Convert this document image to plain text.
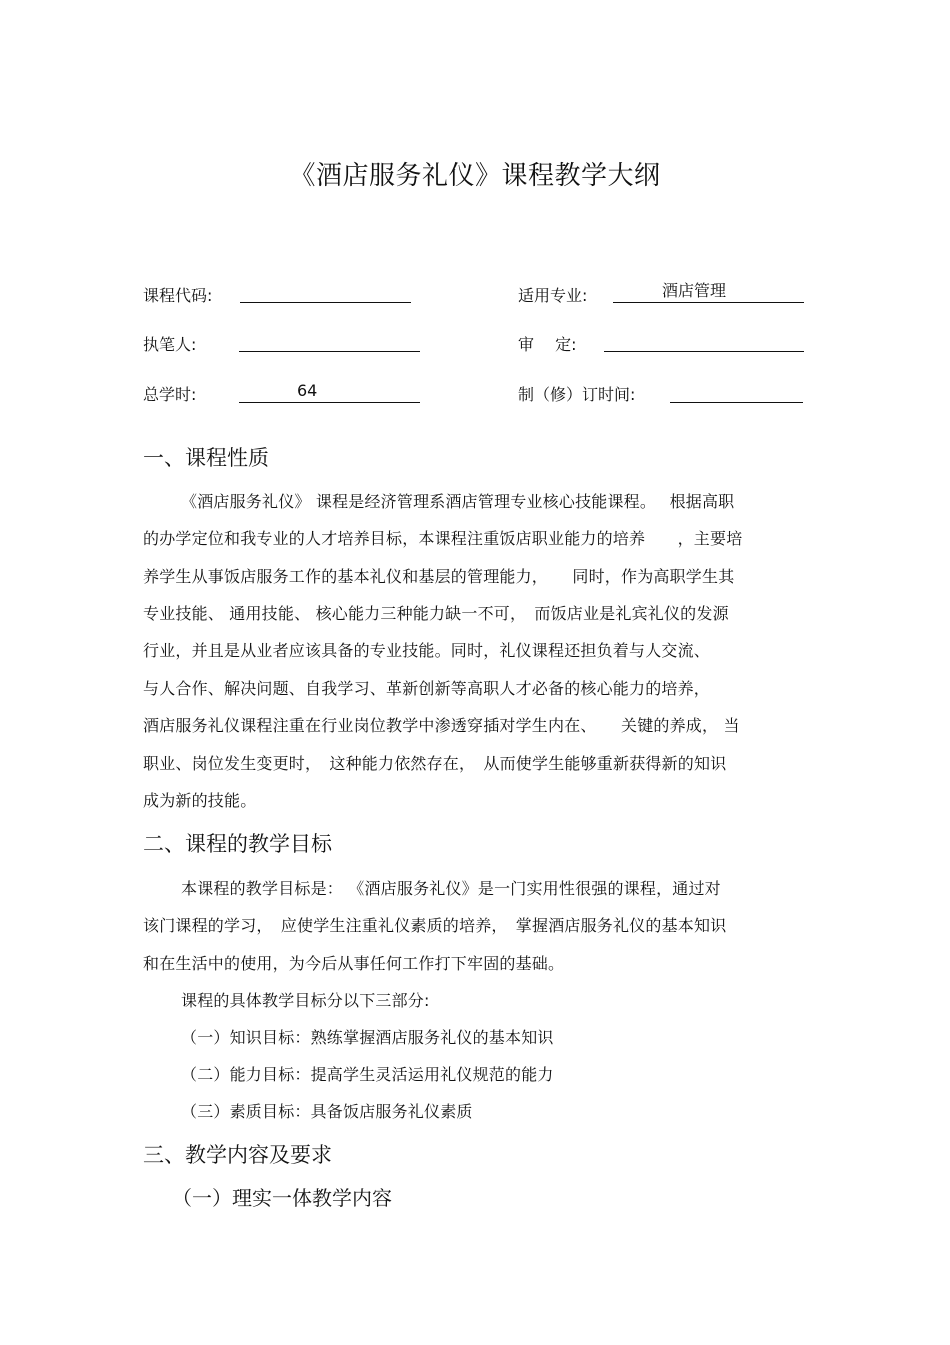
《酒店服务礼仪》课程教学大纲
课程代码:	适用专业:	酒店管理
执笔人:	审　 定:
总学时:	64	制（修）订时间:
一、课程性质
《酒店服务礼仪》 课程是经济管理系酒店管理专业核心技能课程。　 根据高职
的办学定位和我专业的人才培养目标，本课程注重饭店职业能力的培养　　，主要培
养学生从事饭店服务工作的基本礼仪和基层的管理能力，　　同时，作为高职学生其
专业技能、 通用技能、 核心能力三种能力缺一不可，　而饭店业是礼宾礼仪的发源
行业，并且是从业者应该具备的专业技能。同时，礼仪课程还担负着与人交流、
与人合作、解决问题、自我学习、革新创新等高职人才必备的核心能力的培养，
酒店服务礼仪课程注重在行业岗位教学中渗透穿插对学生内在、　　关键的养成， 当
职业、岗位发生变更时，　这种能力依然存在，　从而使学生能够重新获得新的知识
成为新的技能。
二、课程的教学目标
本课程的教学目标是： 《酒店服务礼仪》是一门实用性很强的课程，通过对
该门课程的学习，　应使学生注重礼仪素质的培养，　掌握酒店服务礼仪的基本知识
和在生活中的使用，为今后从事任何工作打下牢固的基础。
课程的具体教学目标分以下三部分:
（一）知识目标：熟练掌握酒店服务礼仪的基本知识
（二）能力目标：提高学生灵活运用礼仪规范的能力
（三）素质目标：具备饭店服务礼仪素质
三、教学内容及要求
（一）理实一体教学内容
